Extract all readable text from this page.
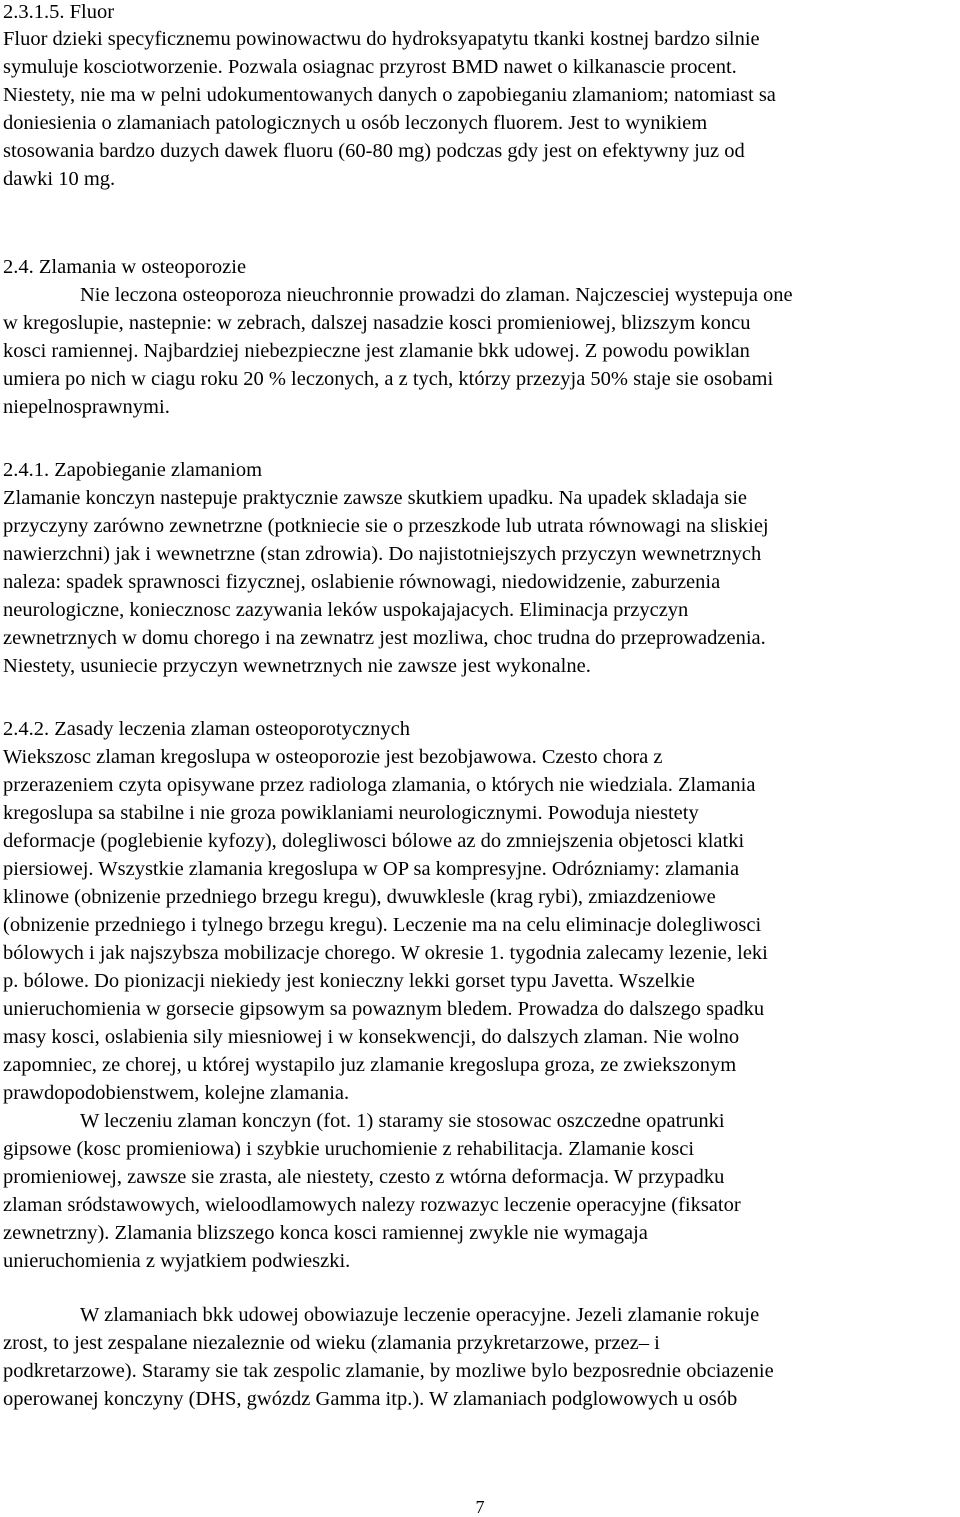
2.3.1.5. Fluor

Fluor dzieki specyficznemu powinowactwu do hydroksyapatytu tkanki kostnej bardzo silnie

symuluje kosciotworzenie. Pozwala osiagnac przyrost BMD nawet o kilkanascie procent.

Niestety, nie ma w pelni udokumentowanych danych o zapobieganiu zlamaniom; natomiast sa

doniesienia o zlamaniach patologicznych u osób leczonych fluorem. Jest to wynikiem

stosowania bardzo duzych dawek fluoru (60-80 mg) podczas gdy jest on efektywny juz od

dawki 10 mg.

2.4. Zlamania w osteoporozie

Nie leczona osteoporoza nieuchronnie prowadzi do zlaman. Najczesciej wystepuja one

w kregoslupie, nastepnie: w zebrach, dalszej nasadzie kosci promieniowej, blizszym koncu

kosci ramiennej. Najbardziej niebezpieczne jest zlamanie bkk udowej. Z powodu powiklan

umiera po nich w ciagu roku 20 % leczonych, a z tych, którzy przezyja 50% staje sie osobami

niepelnosprawnymi.

2.4.1. Zapobieganie zlamaniom

Zlamanie konczyn nastepuje praktycznie zawsze skutkiem upadku. Na upadek skladaja sie

przyczyny zarówno zewnetrzne (potkniecie sie o przeszkode lub utrata równowagi na sliskiej

nawierzchni) jak i wewnetrzne (stan zdrowia). Do najistotniejszych przyczyn wewnetrznych

naleza: spadek sprawnosci fizycznej, oslabienie równowagi, niedowidzenie, zaburzenia

neurologiczne, koniecznosc zazywania leków uspokajajacych. Eliminacja przyczyn

zewnetrznych w domu chorego i na zewnatrz jest mozliwa, choc trudna do przeprowadzenia.

Niestety, usuniecie przyczyn wewnetrznych nie zawsze jest wykonalne.

2.4.2. Zasady leczenia zlaman osteoporotycznych

Wiekszosc zlaman kregoslupa w osteoporozie jest bezobjawowa. Czesto chora z

przerazeniem czyta opisywane przez radiologa zlamania, o których nie wiedziala. Zlamania

kregoslupa sa stabilne i nie groza powiklaniami neurologicznymi. Powoduja niestety

deformacje (poglebienie kyfozy), dolegliwosci bólowe az do zmniejszenia objetosci klatki

piersiowej. Wszystkie zlamania kregoslupa w OP sa kompresyjne. Odrózniamy: zlamania

klinowe (obnizenie przedniego brzegu kregu), dwuwklesle (krag rybi), zmiazdzeniowe

(obnizenie przedniego i tylnego brzegu kregu). Leczenie ma na celu eliminacje dolegliwosci

bólowych i jak najszybsza mobilizacje chorego. W okresie 1. tygodnia zalecamy lezenie, leki

p. bólowe. Do pionizacji niekiedy jest konieczny lekki gorset typu Javetta. Wszelkie

unieruchomienia w gorsecie gipsowym sa powaznym bledem. Prowadza do dalszego spadku

masy kosci, oslabienia sily miesniowej i w konsekwencji, do dalszych zlaman. Nie wolno

zapomniec, ze chorej, u której wystapilo juz zlamanie kregoslupa groza, ze zwiekszonym

prawdopodobienstwem, kolejne zlamania.

W leczeniu zlaman konczyn (fot. 1) staramy sie stosowac oszczedne opatrunki

gipsowe (kosc promieniowa) i szybkie uruchomienie z rehabilitacja. Zlamanie kosci

promieniowej, zawsze sie zrasta, ale niestety, czesto z wtórna deformacja. W przypadku

zlaman sródstawowych, wieloodlamowych nalezy rozwazyc leczenie operacyjne (fiksator

zewnetrzny). Zlamania blizszego konca kosci ramiennej zwykle nie wymagaja

unieruchomienia z wyjatkiem podwieszki.

W zlamaniach bkk udowej obowiazuje leczenie operacyjne. Jezeli zlamanie rokuje

zrost, to jest zespalane niezaleznie od wieku (zlamania przykretarzowe, przez– i

podkretarzowe). Staramy sie tak zespolic zlamanie, by mozliwe bylo bezposrednie obciazenie

operowanej konczyny (DHS, gwózdz Gamma itp.). W zlamaniach podglowowych u osób

7
